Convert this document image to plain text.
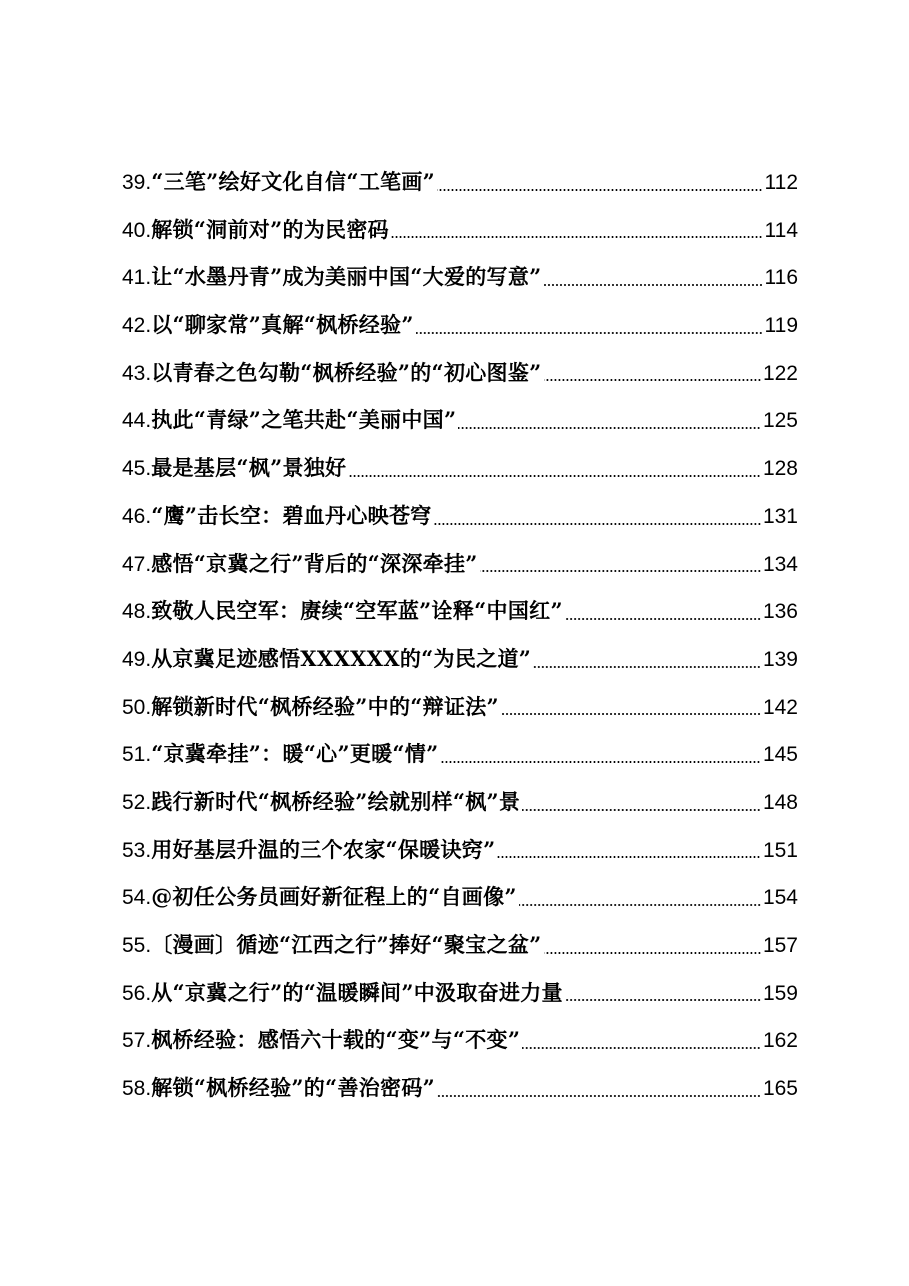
39. “三笔”绘好文化自信“工笔画”	112
40. 解锁“洞前对”的为民密码	114
41. 让“水墨丹青”成为美丽中国“大爱的写意”	116
42. 以“聊家常”真解“枫桥经验”	119
43. 以青春之色勾勒“枫桥经验”的“初心图鉴”	122
44. 执此“青绿”之笔共赴“美丽中国”	125
45. 最是基层“枫”景独好	128
46. “鹰”击长空：碧血丹心映苍穹	131
47. 感悟“京冀之行”背后的“深深牵挂”	134
48. 致敬人民空军：赓续“空军蓝”诠释“中国红”	136
49. 从京冀足迹感悟XXXXXX的“为民之道”	139
50. 解锁新时代“枫桥经验”中的“辩证法”	142
51. “京冀牵挂”：暖“心”更暖“情”	145
52. 践行新时代“枫桥经验”绘就别样“枫”景	148
53. 用好基层升温的三个农家“保暖诀窍”	151
54. @初任公务员画好新征程上的“自画像”	154
55. 〔漫画〕循迹“江西之行”捧好“聚宝之盆”	157
56. 从“京冀之行”的“温暖瞬间”中汲取奋进力量	159
57. 枫桥经验：感悟六十载的“变”与“不变”	162
58. 解锁“枫桥经验”的“善治密码”	165
